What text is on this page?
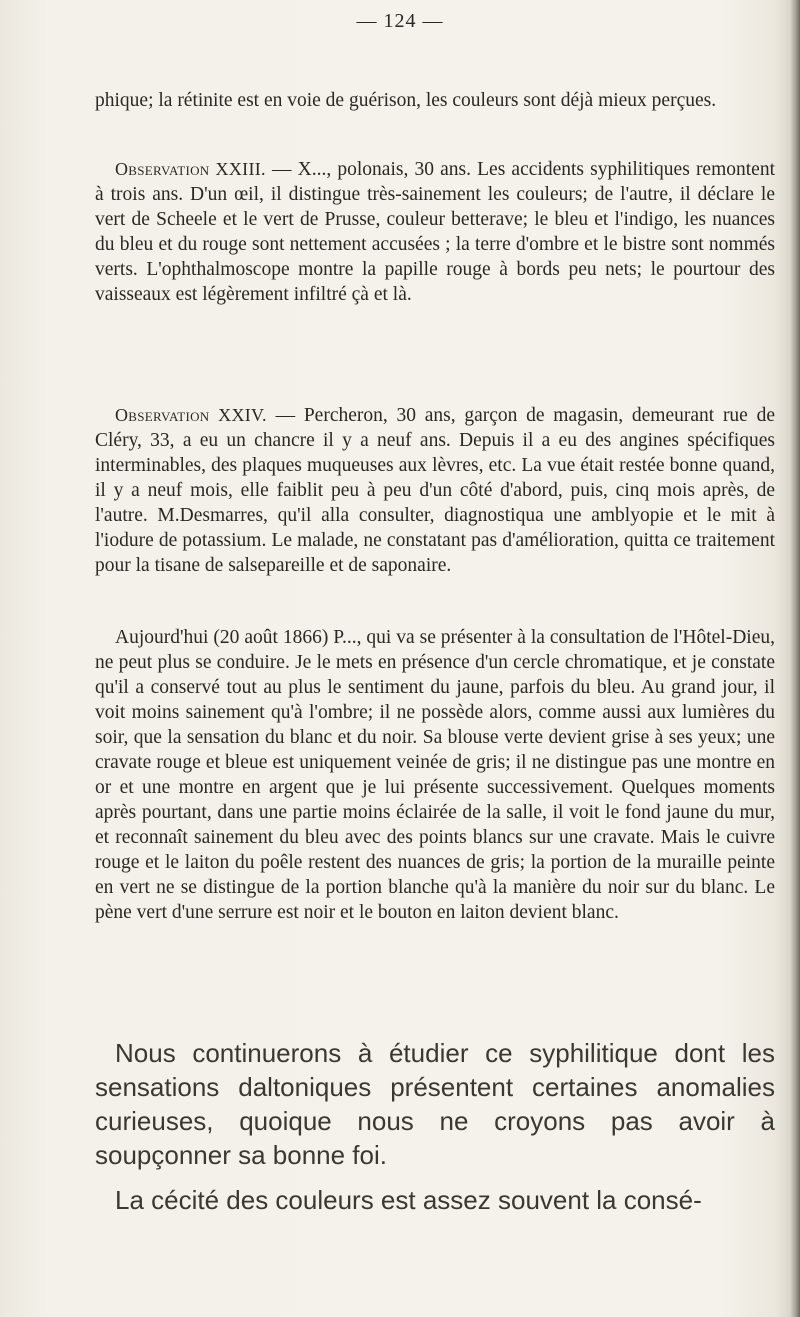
— 124 —

phique; la rétinite est en voie de guérison, les couleurs sont déjà mieux perçues.

Observation XXIII. — X..., polonais, 30 ans. Les accidents syphilitiques remontent à trois ans. D'un œil, il distingue très-sainement les couleurs; de l'autre, il déclare le vert de Scheele et le vert de Prusse, couleur betterave; le bleu et l'indigo, les nuances du bleu et du rouge sont nettement accusées ; la terre d'ombre et le bistre sont nommés verts. L'ophthalmoscope montre la papille rouge à bords peu nets; le pourtour des vaisseaux est légèrement infiltré çà et là.

Observation XXIV. — Percheron, 30 ans, garçon de magasin, demeurant rue de Cléry, 33, a eu un chancre il y a neuf ans. Depuis il a eu des angines spécifiques interminables, des plaques muqueuses aux lèvres, etc. La vue était restée bonne quand, il y a neuf mois, elle faiblit peu à peu d'un côté d'abord, puis, cinq mois après, de l'autre. M.Desmarres, qu'il alla consulter, diagnostiqua une amblyopie et le mit à l'iodure de potassium. Le malade, ne constatant pas d'amélioration, quitta ce traitement pour la tisane de salsepareille et de saponaire.

Aujourd'hui (20 août 1866) P..., qui va se présenter à la consultation de l'Hôtel-Dieu, ne peut plus se conduire. Je le mets en présence d'un cercle chromatique, et je constate qu'il a conservé tout au plus le sentiment du jaune, parfois du bleu. Au grand jour, il voit moins sainement qu'à l'ombre; il ne possède alors, comme aussi aux lumières du soir, que la sensation du blanc et du noir. Sa blouse verte devient grise à ses yeux; une cravate rouge et bleue est uniquement veinée de gris; il ne distingue pas une montre en or et une montre en argent que je lui présente successivement. Quelques moments après pourtant, dans une partie moins éclairée de la salle, il voit le fond jaune du mur, et reconnaît sainement du bleu avec des points blancs sur une cravate. Mais le cuivre rouge et le laiton du poêle restent des nuances de gris; la portion de la muraille peinte en vert ne se distingue de la portion blanche qu'à la manière du noir sur du blanc. Le pène vert d'une serrure est noir et le bouton en laiton devient blanc.

Nous continuerons à étudier ce syphilitique dont les sensations daltoniques présentent certaines anomalies curieuses, quoique nous ne croyons pas avoir à soupçonner sa bonne foi.

La cécité des couleurs est assez souvent la consé-
